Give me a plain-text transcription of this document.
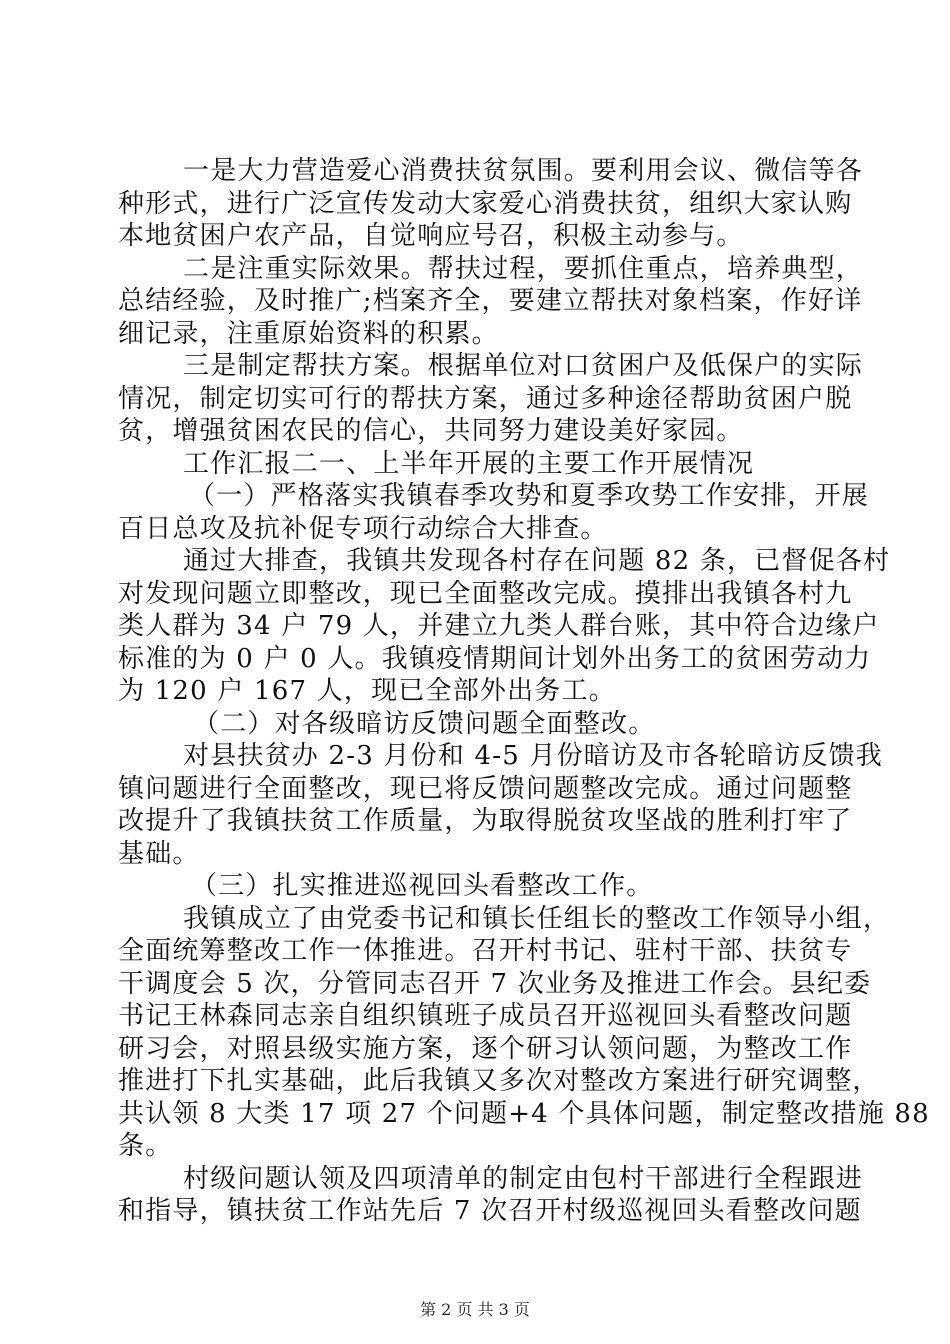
一是大力营造爱心消费扶贫氛围。要利用会议、微信等各
种形式，进行广泛宣传发动大家爱心消费扶贫，组织大家认购
本地贫困户农产品，自觉响应号召，积极主动参与。
二是注重实际效果。帮扶过程，要抓住重点，培养典型，
总结经验，及时推广;档案齐全，要建立帮扶对象档案，作好详
细记录，注重原始资料的积累。
三是制定帮扶方案。根据单位对口贫困户及低保户的实际
情况，制定切实可行的帮扶方案，通过多种途径帮助贫困户脱
贫，增强贫困农民的信心，共同努力建设美好家园。
工作汇报二一、上半年开展的主要工作开展情况
（一）严格落实我镇春季攻势和夏季攻势工作安排，开展
百日总攻及抗补促专项行动综合大排查。
通过大排查，我镇共发现各村存在问题 82 条，已督促各村
对发现问题立即整改，现已全面整改完成。摸排出我镇各村九
类人群为 34 户 79 人，并建立九类人群台账，其中符合边缘户
标准的为 0 户 0 人。我镇疫情期间计划外出务工的贫困劳动力
为 120 户 167 人，现已全部外出务工。
（二）对各级暗访反馈问题全面整改。
对县扶贫办 2-3 月份和 4-5 月份暗访及市各轮暗访反馈我
镇问题进行全面整改，现已将反馈问题整改完成。通过问题整
改提升了我镇扶贫工作质量，为取得脱贫攻坚战的胜利打牢了
基础。
（三）扎实推进巡视回头看整改工作。
我镇成立了由党委书记和镇长任组长的整改工作领导小组，
全面统筹整改工作一体推进。召开村书记、驻村干部、扶贫专
干调度会 5 次，分管同志召开 7 次业务及推进工作会。县纪委
书记王林森同志亲自组织镇班子成员召开巡视回头看整改问题
研习会，对照县级实施方案，逐个研习认领问题，为整改工作
推进打下扎实基础，此后我镇又多次对整改方案进行研究调整，
共认领 8 大类 17 项 27 个问题+4 个具体问题，制定整改措施 88
条。
村级问题认领及四项清单的制定由包村干部进行全程跟进
和指导，镇扶贫工作站先后 7 次召开村级巡视回头看整改问题
第 2 页 共 3 页
